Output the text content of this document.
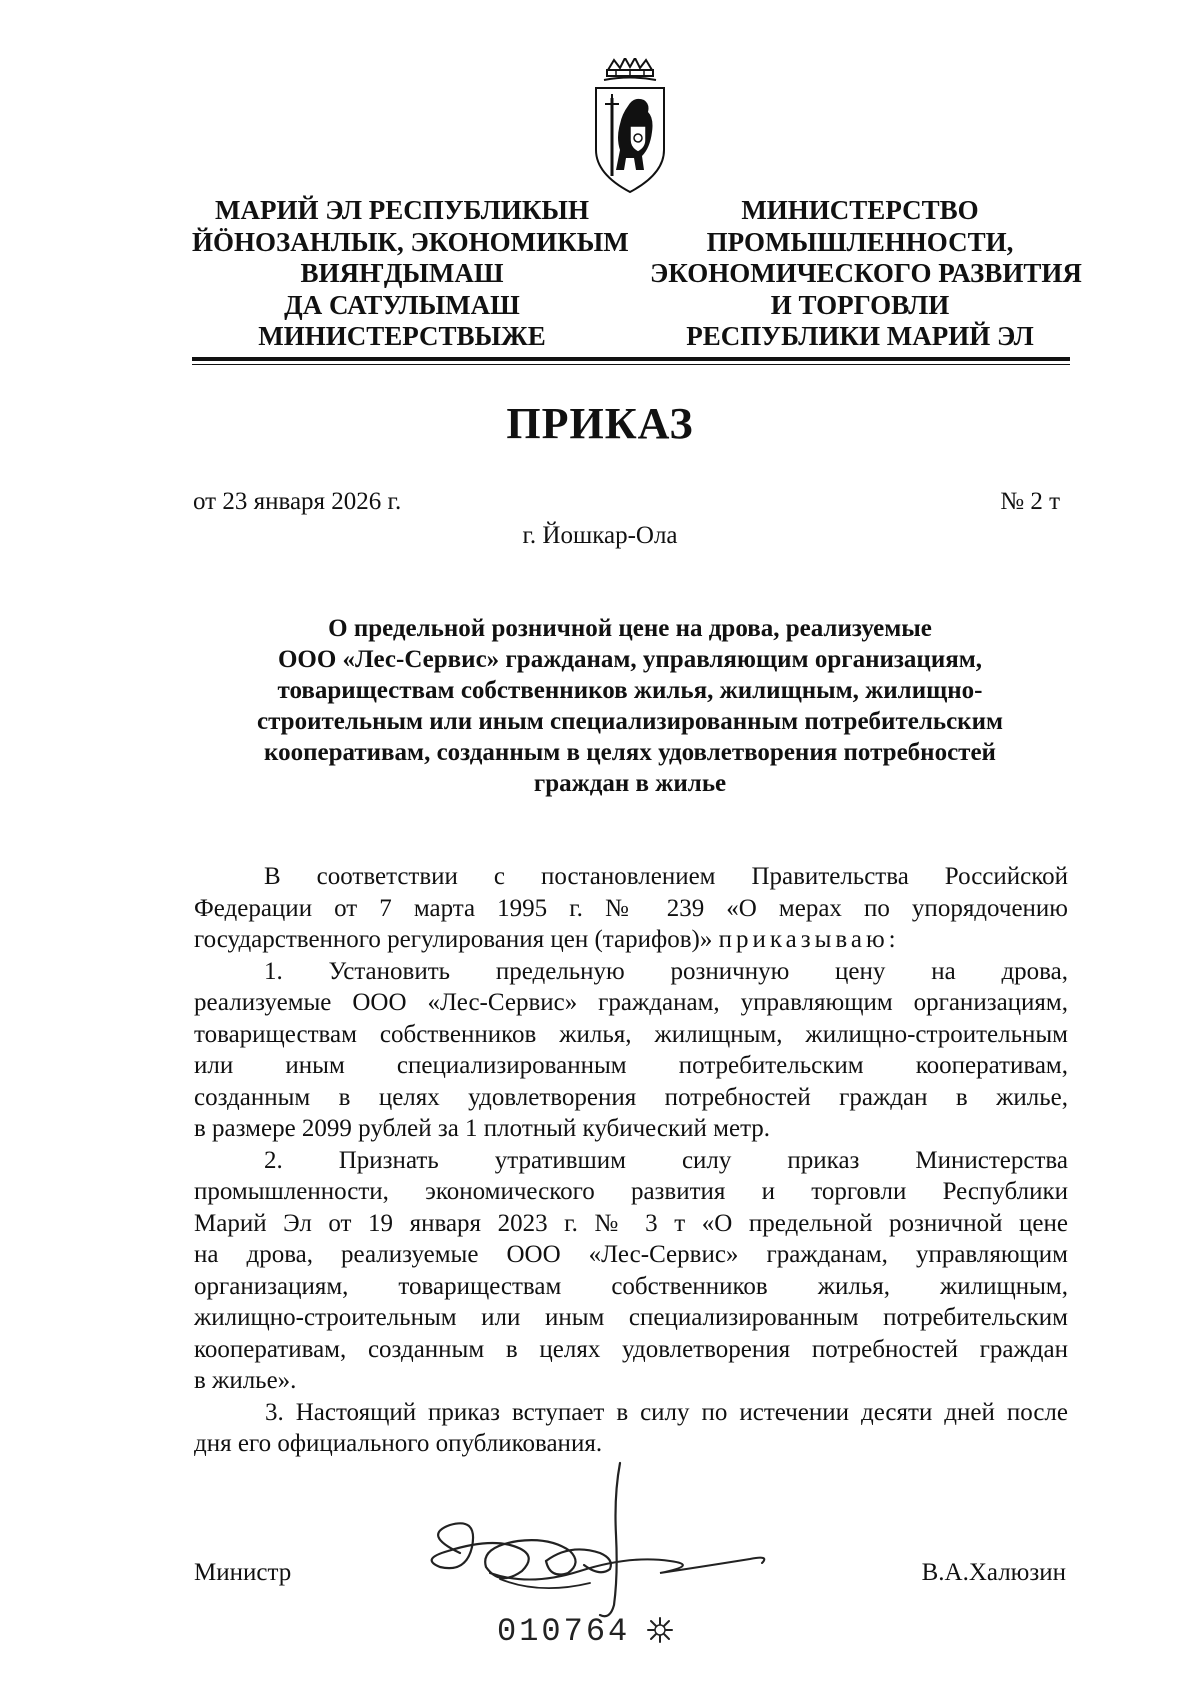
МАРИЙ ЭЛ РЕСПУБЛИКЫН
ЙӦНОЗАНЛЫК, ЭКОНОМИКЫМ
ВИЯҤДЫМАШ
ДА САТУЛЫМАШ
МИНИСТЕРСТВЫЖЕ
МИНИСТЕРСТВО
ПРОМЫШЛЕННОСТИ,
ЭКОНОМИЧЕСКОГО РАЗВИТИЯ
И ТОРГОВЛИ
РЕСПУБЛИКИ МАРИЙ ЭЛ
ПРИКАЗ
от 23 января 2026 г.	№ 2 т
г. Йошкар-Ола
О предельной розничной цене на дрова, реализуемые
ООО «Лес-Сервис» гражданам, управляющим организациям,
товариществам собственников жилья, жилищным, жилищно-
строительным или иным специализированным потребительским
кооперативам, созданным в целях удовлетворения потребностей
граждан в жилье
В соответствии с постановлением Правительства Российской
Федерации от 7 марта 1995 г. № 239 «О мерах по упорядочению
государственного регулирования цен (тарифов)» приказываю:
1. Установить предельную розничную цену на дрова,
реализуемые ООО «Лес-Сервис» гражданам, управляющим организациям,
товариществам собственников жилья, жилищным, жилищно-строительным
или иным специализированным потребительским кооперативам,
созданным в целях удовлетворения потребностей граждан в жилье,
в размере 2099 рублей за 1 плотный кубический метр.
2. Признать утратившим силу приказ Министерства
промышленности, экономического развития и торговли Республики
Марий Эл от 19 января 2023 г. № 3 т «О предельной розничной цене
на дрова, реализуемые ООО «Лес-Сервис» гражданам, управляющим
организациям, товариществам собственников жилья, жилищным,
жилищно-строительным или иным специализированным потребительским
кооперативам, созданным в целях удовлетворения потребностей граждан
в жилье».
3. Настоящий приказ вступает в силу по истечении десяти дней после
дня его официального опубликования.
Министр	В.А.Халюзин
010764
